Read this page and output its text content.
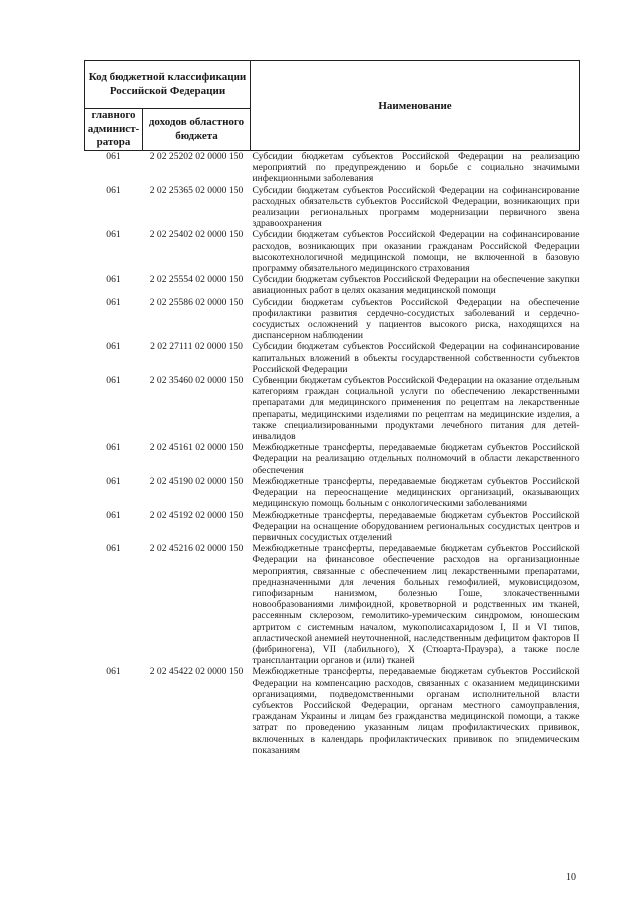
Код бюджетной классификации Российской Федерации		Наименование
главного админист-ратора	доходов областного бюджета	
061	2 02 25202 02 0000 150	Субсидии бюджетам субъектов Российской Федерации на реализацию мероприятий по предупреждению и борьбе с социально значимыми инфекционными заболевания
061	2 02 25365 02 0000 150	Субсидии бюджетам субъектов Российской Федерации на софинансирование расходных обязательств субъектов Российской Федерации, возникающих при реализации региональных программ модернизации первичного звена здравоохранения
061	2 02 25402 02 0000 150	Субсидии бюджетам субъектов Российской Федерации на софинансирование расходов, возникающих при оказании гражданам Российской Федерации высокотехнологичной медицинской помощи, не включенной в базовую программу обязательного медицинского страхования
061	2 02 25554 02 0000 150	Субсидии бюджетам субъектов Российской Федерации на обеспечение закупки авиационных работ в целях оказания медицинской помощи
061	2 02 25586 02 0000 150	Субсидии бюджетам субъектов Российской Федерации на обеспечение профилактики развития сердечно-сосудистых заболеваний и сердечно-сосудистых осложнений у пациентов высокого риска, находящихся на диспансерном наблюдении
061	2 02 27111 02 0000 150	Субсидии бюджетам субъектов Российской Федерации на софинансирование капитальных вложений в объекты государственной собственности субъектов Российской Федерации
061	2 02 35460 02 0000 150	Субвенции бюджетам субъектов Российской Федерации на оказание отдельным категориям граждан социальной услуги по обеспечению лекарственными препаратами для медицинского применения по рецептам на лекарственные препараты, медицинскими изделиями по рецептам на медицинские изделия, а также специализированными продуктами лечебного питания для детей-инвалидов
061	2 02 45161 02 0000 150	Межбюджетные трансферты, передаваемые бюджетам субъектов Российской Федерации на реализацию отдельных полномочий в области лекарственного обеспечения
061	2 02 45190 02 0000 150	Межбюджетные трансферты, передаваемые бюджетам субъектов Российской Федерации на переоснащение медицинских организаций, оказывающих медицинскую помощь больным с онкологическими заболеваниями
061	2 02 45192 02 0000 150	Межбюджетные трансферты, передаваемые бюджетам субъектов Российской Федерации на оснащение оборудованием региональных сосудистых центров и первичных сосудистых отделений
061	2 02 45216 02 0000 150	Межбюджетные трансферты, передаваемые бюджетам субъектов Российской Федерации на финансовое обеспечение расходов на организационные мероприятия, связанные с обеспечением лиц лекарственными препаратами, предназначенными для лечения больных гемофилией, муковисцидозом, гипофизарным нанизмом, болезнью Гоше, злокачественными новообразованиями лимфоидной, кроветворной и родственных им тканей, рассеянным склерозом, гемолитико-уремическим синдромом, юношеским артритом с системным началом, мукополисахаридозом I, II и VI типов, апластической анемией неуточненной, наследственным дефицитом факторов II (фибриногена), VII (лабильного), X (Стюарта-Прауэра), а также после трансплантации органов и (или) тканей
061	2 02 45422 02 0000 150	Межбюджетные трансферты, передаваемые бюджетам субъектов Российской Федерации на компенсацию расходов, связанных с оказанием медицинскими организациями, подведомственными органам исполнительной власти субъектов Российской Федерации, органам местного самоуправления, гражданам Украины и лицам без гражданства медицинской помощи, а также затрат по проведению указанным лицам профилактических прививок, включенных в календарь профилактических прививок по эпидемическим показаниям
10
